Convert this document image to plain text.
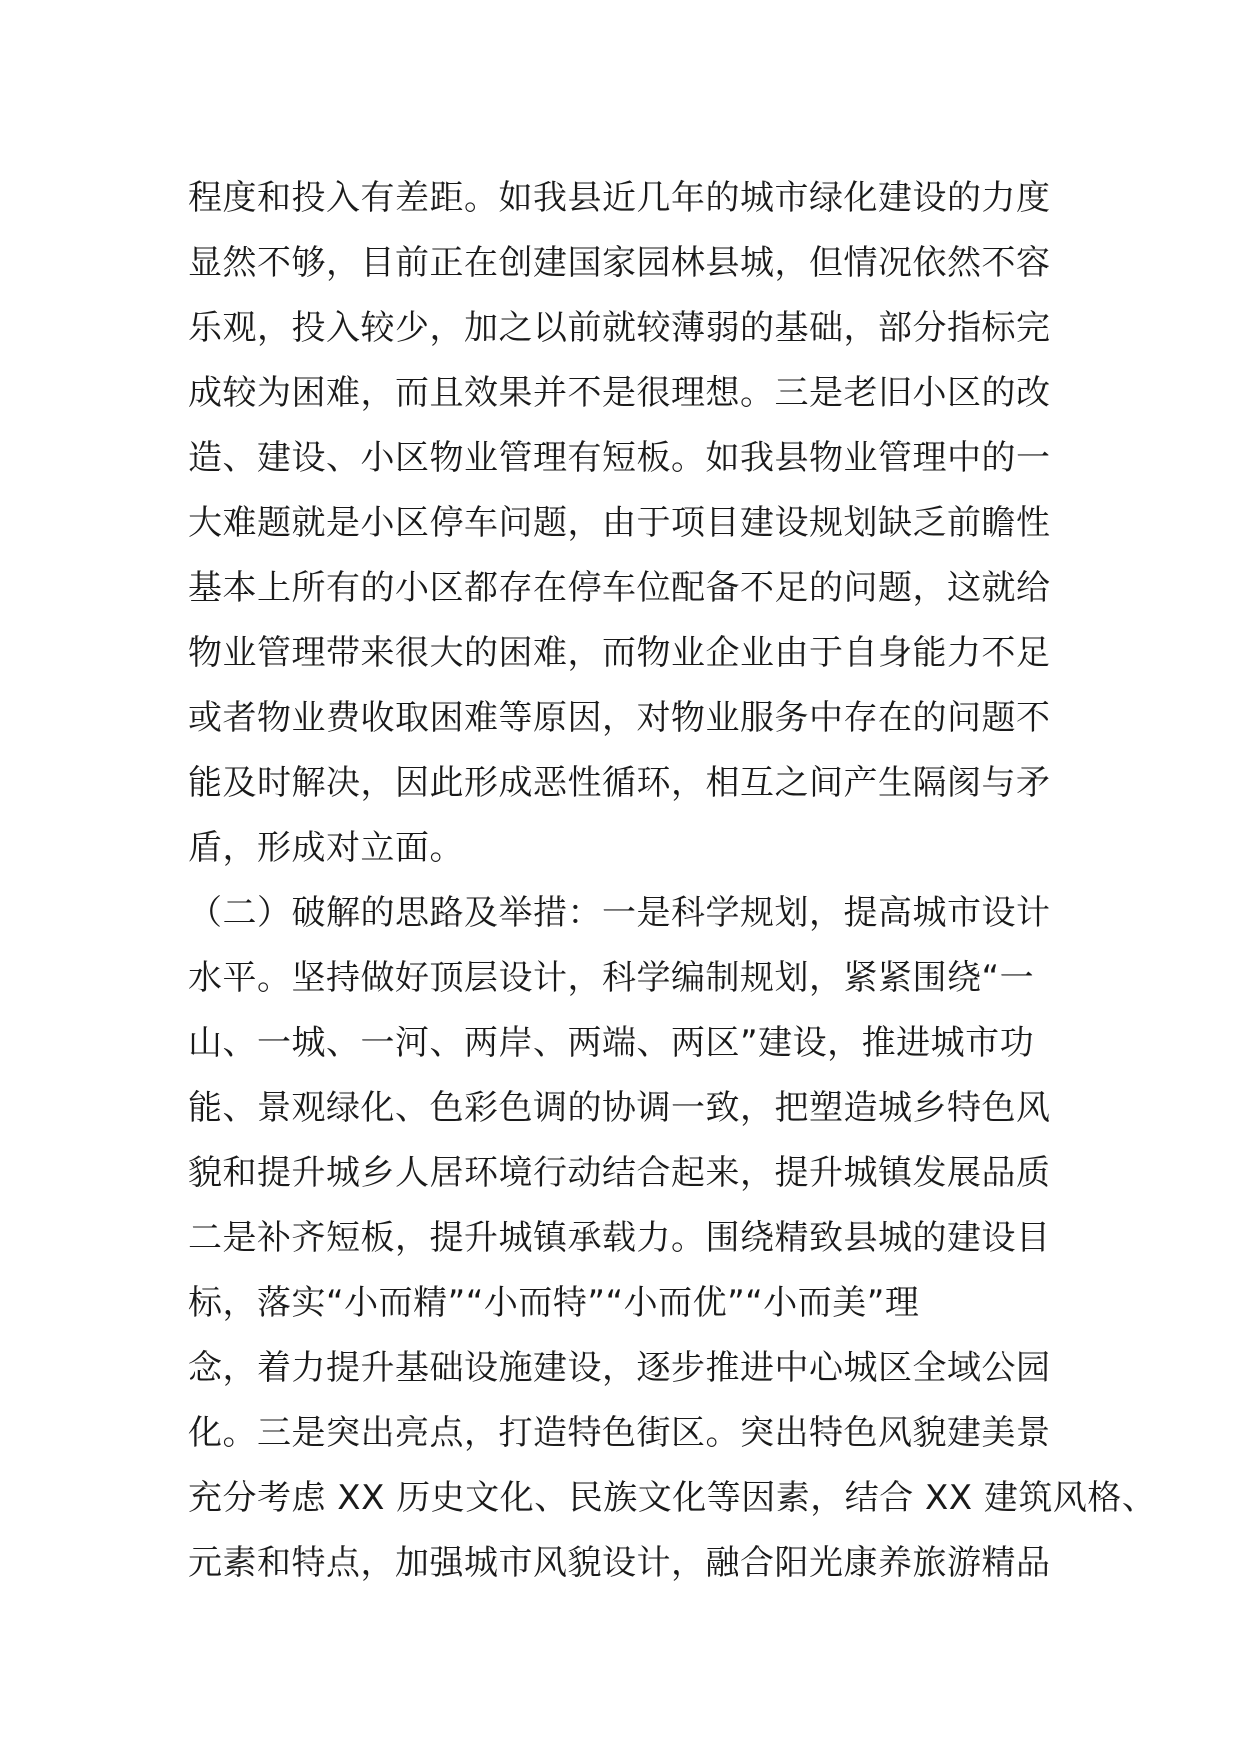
程度和投入有差距。如我县近几年的城市绿化建设的力度
显然不够，目前正在创建国家园林县城，但情况依然不容
乐观，投入较少，加之以前就较薄弱的基础，部分指标完
成较为困难，而且效果并不是很理想。三是老旧小区的改
造、建设、小区物业管理有短板。如我县物业管理中的一
大难题就是小区停车问题，由于项目建设规划缺乏前瞻性
基本上所有的小区都存在停车位配备不足的问题，这就给
物业管理带来很大的困难，而物业企业由于自身能力不足
或者物业费收取困难等原因，对物业服务中存在的问题不
能及时解决，因此形成恶性循环，相互之间产生隔阂与矛
盾，形成对立面。
（二）破解的思路及举措：一是科学规划，提高城市设计
水平。坚持做好顶层设计，科学编制规划，紧紧围绕“一
山、一城、一河、两岸、两端、两区”建设，推进城市功
能、景观绿化、色彩色调的协调一致，把塑造城乡特色风
貌和提升城乡人居环境行动结合起来，提升城镇发展品质
二是补齐短板，提升城镇承载力。围绕精致县城的建设目
标，落实“小而精”“小而特”“小而优”“小而美”理
念，着力提升基础设施建设，逐步推进中心城区全域公园
化。三是突出亮点，打造特色街区。突出特色风貌建美景
充分考虑 XX 历史文化、民族文化等因素，结合 XX 建筑风格、
元素和特点，加强城市风貌设计，融合阳光康养旅游精品
